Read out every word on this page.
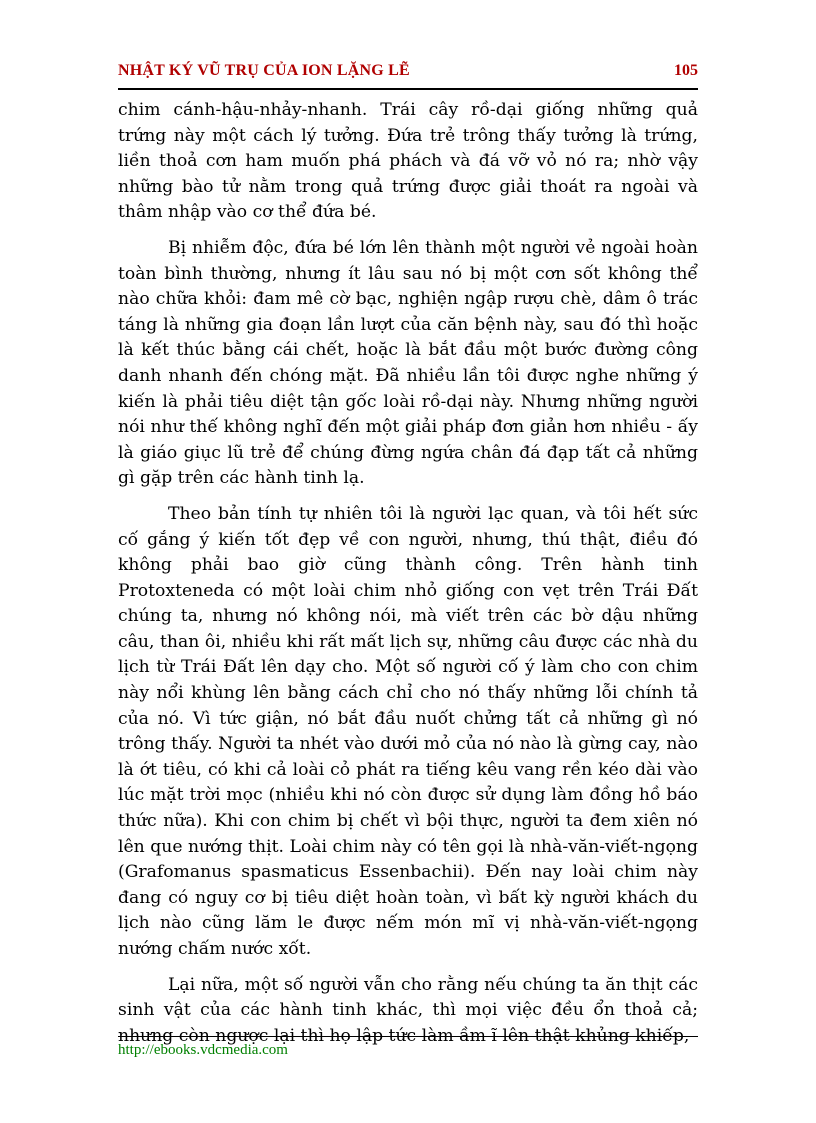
NHẬT KÝ VŨ TRỤ CỦA ION LẶNG LẼ	105

chim cánh-hậu-nhảy-nhanh. Trái cây rồ-dại giống những quả trứng này một cách lý tưởng. Đứa trẻ trông thấy tưởng là trứng, liền thoả cơn ham muốn phá phách và đá vỡ vỏ nó ra; nhờ vậy những bào tử nằm trong quả trứng được giải thoát ra ngoài và thâm nhập vào cơ thể đứa bé.

Bị nhiễm độc, đứa bé lớn lên thành một người vẻ ngoài hoàn toàn bình thường, nhưng ít lâu sau nó bị một cơn sốt không thể nào chữa khỏi: đam mê cờ bạc, nghiện ngập rượu chè, dâm ô trác táng là những gia đoạn lần lượt của căn bệnh này, sau đó thì hoặc là kết thúc bằng cái chết, hoặc là bắt đầu một bước đường công danh nhanh đến chóng mặt. Đã nhiều lần tôi được nghe những ý kiến là phải tiêu diệt tận gốc loài rồ-dại này. Nhưng những người nói như thế không nghĩ đến một giải pháp đơn giản hơn nhiều - ấy là giáo giục lũ trẻ để chúng đừng ngứa chân đá đạp tất cả những gì gặp trên các hành tinh lạ.

Theo bản tính tự nhiên tôi là người lạc quan, và tôi hết sức cố gắng ý kiến tốt đẹp về con người, nhưng, thú thật, điều đó không phải bao giờ cũng thành công. Trên hành tinh Protoxteneda có một loài chim nhỏ giống con vẹt trên Trái Đất chúng ta, nhưng nó không nói, mà viết trên các bờ dậu những câu, than ôi, nhiều khi rất mất lịch sự, những câu được các nhà du lịch từ Trái Đất lên dạy cho. Một số người cố ý làm cho con chim này nổi khùng lên bằng cách chỉ cho nó thấy những lỗi chính tả của nó. Vì tức giận, nó bắt đầu nuốt chửng tất cả những gì nó trông thấy. Người ta nhét vào dưới mỏ của nó nào là gừng cay, nào là ớt tiêu, có khi cả loài cỏ phát ra tiếng kêu vang rền kéo dài vào lúc mặt trời mọc (nhiều khi nó còn được sử dụng làm đồng hồ báo thức nữa). Khi con chim bị chết vì bội thực, người ta đem xiên nó lên que nướng thịt. Loài chim này có tên gọi là nhà-văn-viết-ngọng (Grafomanus spasmaticus Essenbachii). Đến nay loài chim này đang có nguy cơ bị tiêu diệt hoàn toàn, vì bất kỳ người khách du lịch nào cũng lăm le được nếm món mĩ vị nhà-văn-viết-ngọng nướng chấm nước xốt.

Lại nữa, một số người vẫn cho rằng nếu chúng ta ăn thịt các sinh vật của các hành tinh khác, thì mọi việc đều ổn thoả cả; nhưng còn ngược lại thì họ lập tức làm ầm ĩ lên thật khủng khiếp,

http://ebooks.vdcmedia.com
